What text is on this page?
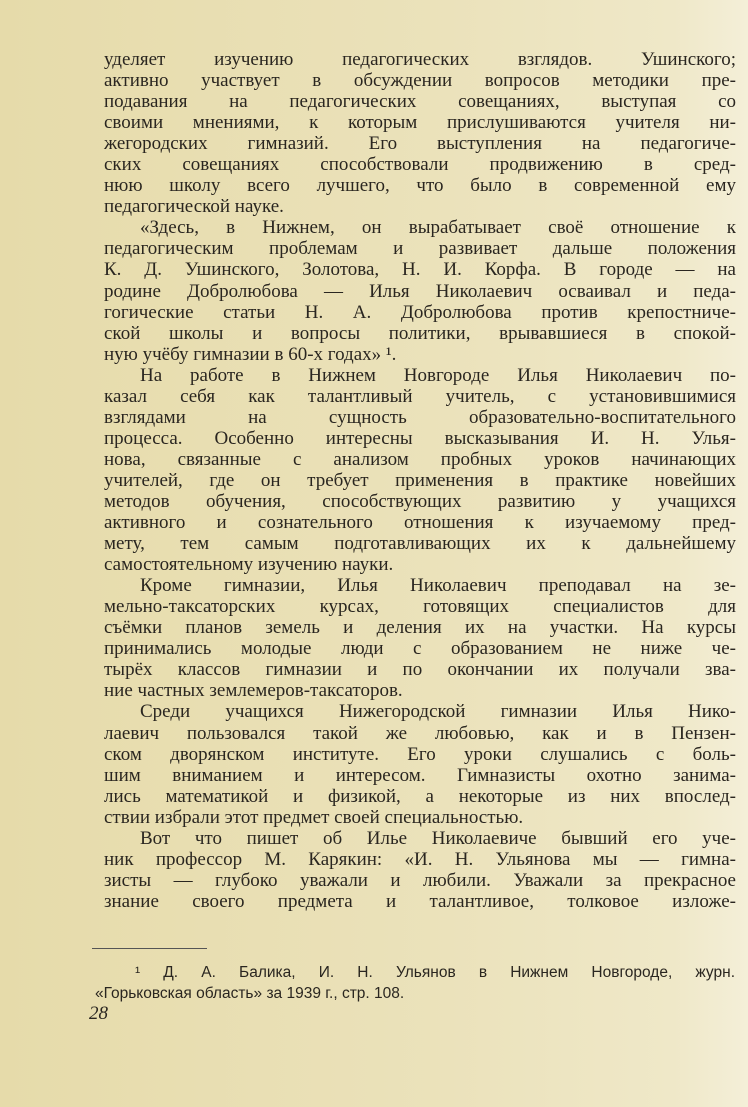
уделяет изучению педагогических взглядов. Ушинского;
активно участвует в обсуждении вопросов методики пре-
подавания на педагогических совещаниях, выступая со
своими мнениями, к которым прислушиваются учителя ни-
жегородских гимназий. Его выступления на педагогиче-
ских совещаниях способствовали продвижению в сред-
нюю школу всего лучшего, что было в современной ему
педагогической науке.
«Здесь, в Нижнем, он вырабатывает своё отношение к
педагогическим проблемам и развивает дальше положения
К. Д. Ушинского, Золотова, Н. И. Корфа. В городе — на
родине Добролюбова — Илья Николаевич осваивал и педа-
гогические статьи Н. А. Добролюбова против крепостниче-
ской школы и вопросы политики, врывавшиеся в спокой-
ную учёбу гимназии в 60-х годах» ¹.
На работе в Нижнем Новгороде Илья Николаевич по-
казал себя как талантливый учитель, с установившимися
взглядами на сущность образовательно-воспитательного
процесса. Особенно интересны высказывания И. Н. Улья-
нова, связанные с анализом пробных уроков начинающих
учителей, где он требует применения в практике новейших
методов обучения, способствующих развитию у учащихся
активного и сознательного отношения к изучаемому пред-
мету, тем самым подготавливающих их к дальнейшему
самостоятельному изучению науки.
Кроме гимназии, Илья Николаевич преподавал на зе-
мельно-таксаторских курсах, готовящих специалистов для
съёмки планов земель и деления их на участки. На курсы
принимались молодые люди с образованием не ниже че-
тырёх классов гимназии и по окончании их получали зва-
ние частных землемеров-таксаторов.
Среди учащихся Нижегородской гимназии Илья Нико-
лаевич пользовался такой же любовью, как и в Пензен-
ском дворянском институте. Его уроки слушались с боль-
шим вниманием и интересом. Гимназисты охотно занима-
лись математикой и физикой, а некоторые из них впослед-
ствии избрали этот предмет своей специальностью.
Вот что пишет об Илье Николаевиче бывший его уче-
ник профессор М. Карякин: «И. Н. Ульянова мы — гимна-
зисты — глубоко уважали и любили. Уважали за прекрасное
знание своего предмета и талантливое, толковое изложе-
¹ Д. А. Балика, И. Н. Ульянов в Нижнем Новгороде, журн.
«Горьковская область» за 1939 г., стр. 108.
28
